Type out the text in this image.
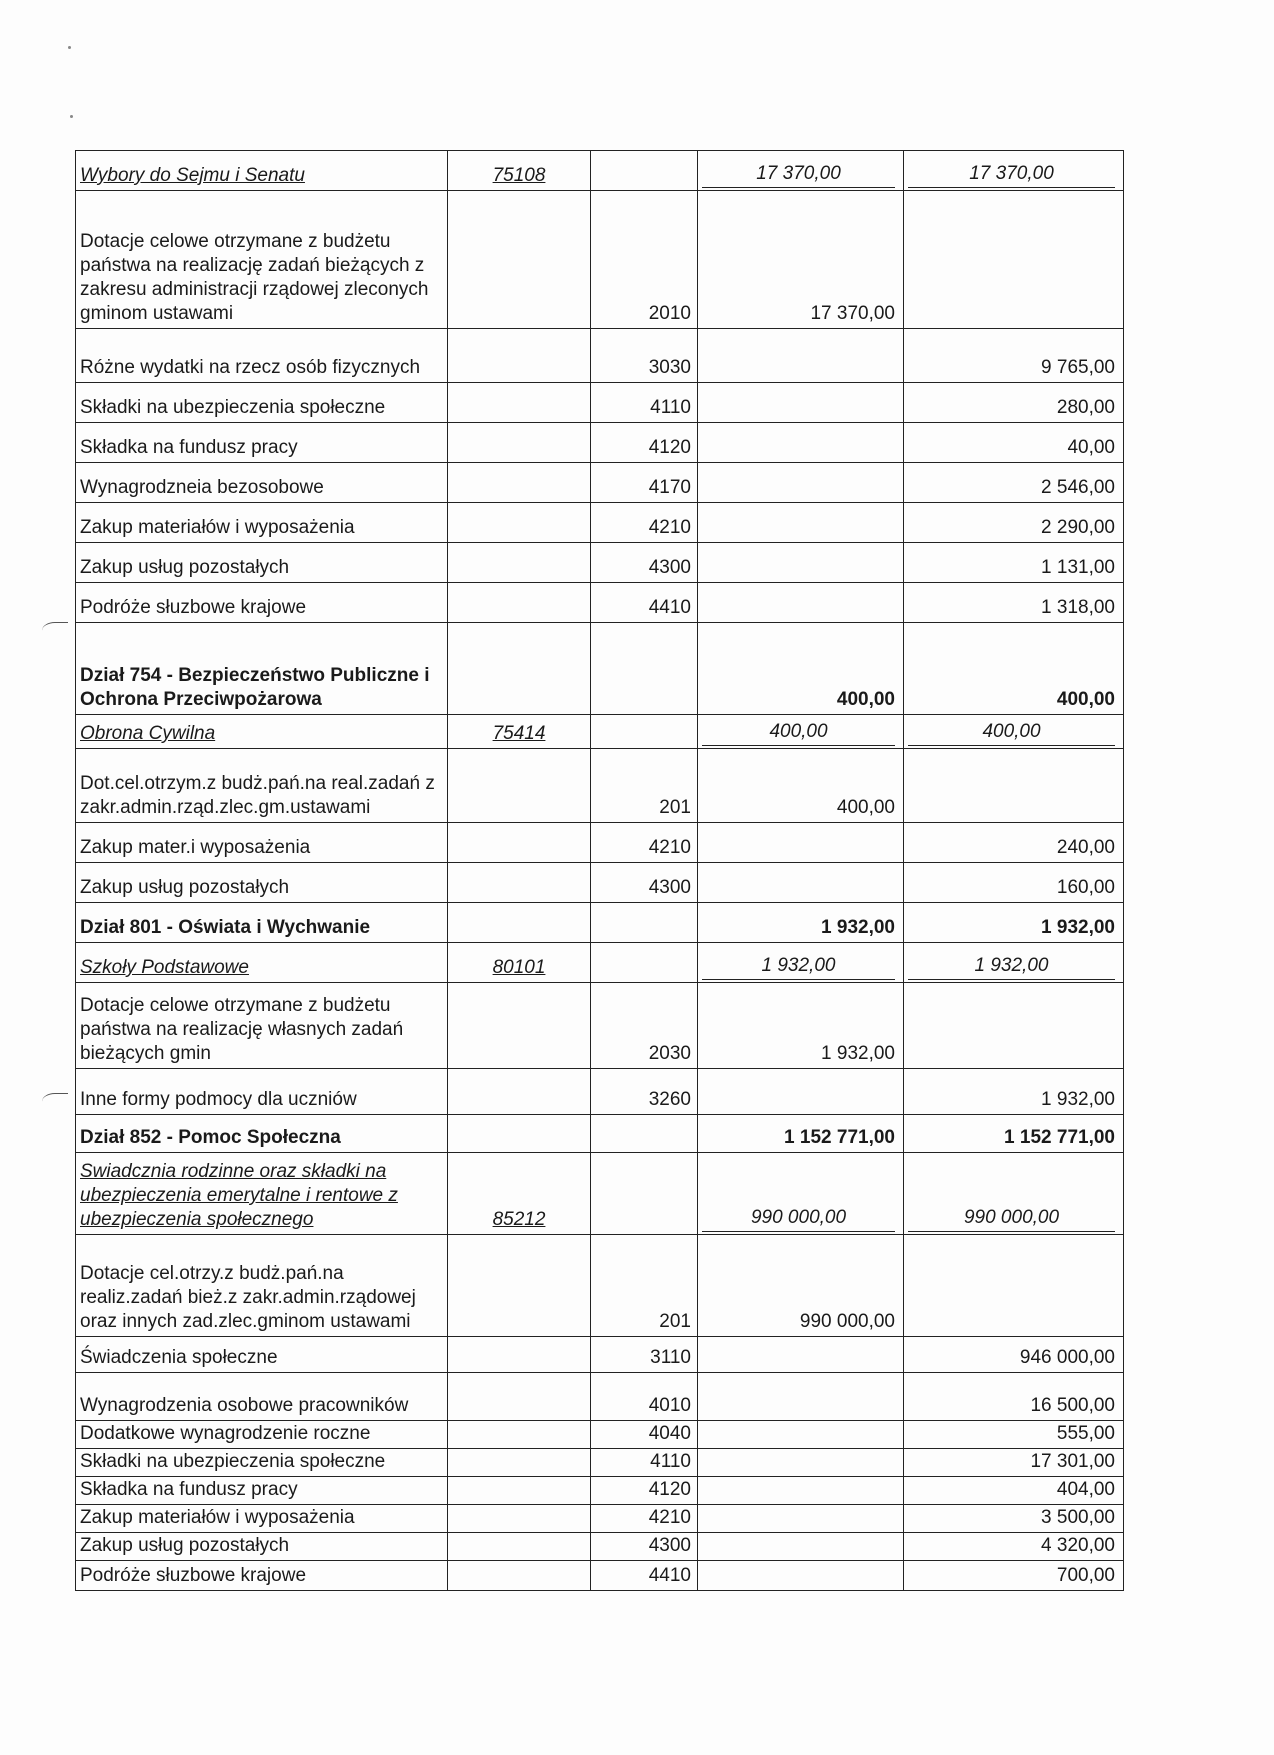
Wybory do Sejmu i Senatu	75108		17 370,00	17 370,00
Dotacje celowe otrzymane z budżetu państwa na realizację zadań bieżących z zakresu administracji rządowej zleconych gminom ustawami		2010	17 370,00	
Różne wydatki na rzecz osób fizycznych		3030		9 765,00
Składki na ubezpieczenia społeczne		4110		280,00
Składka na fundusz pracy		4120		40,00
Wynagrodzneia bezosobowe		4170		2 546,00
Zakup materiałów i wyposażenia		4210		2 290,00
Zakup usług pozostałych		4300		1 131,00
Podróże słuzbowe krajowe		4410		1 318,00
Dział 754 - Bezpieczeństwo Publiczne i Ochrona Przeciwpożarowa			400,00	400,00
Obrona Cywilna	75414		400,00	400,00
Dot.cel.otrzym.z budż.pań.na real.zadań z zakr.admin.rząd.zlec.gm.ustawami		201	400,00	
Zakup mater.i wyposażenia		4210		240,00
Zakup usług pozostałych		4300		160,00
Dział 801 - Oświata i Wychwanie			1 932,00	1 932,00
Szkoły Podstawowe	80101		1 932,00	1 932,00
Dotacje celowe otrzymane z budżetu państwa na realizację własnych zadań bieżących gmin		2030	1 932,00	
Inne formy podmocy dla uczniów		3260		1 932,00
Dział 852 - Pomoc Społeczna			1 152 771,00	1 152 771,00
Swiadcznia rodzinne oraz składki na ubezpieczenia emerytalne i rentowe z ubezpieczenia społecznego	85212		990 000,00	990 000,00
Dotacje cel.otrzy.z budż.pań.na realiz.zadań bież.z zakr.admin.rządowej oraz innych zad.zlec.gminom ustawami		201	990 000,00	
Świadczenia społeczne		3110		946 000,00
Wynagrodzenia osobowe pracowników		4010		16 500,00
Dodatkowe wynagrodzenie roczne		4040		555,00
Składki na ubezpieczenia społeczne		4110		17 301,00
Składka na fundusz pracy		4120		404,00
Zakup materiałów i wyposażenia		4210		3 500,00
Zakup usług pozostałych		4300		4 320,00
Podróże słuzbowe krajowe		4410		700,00
